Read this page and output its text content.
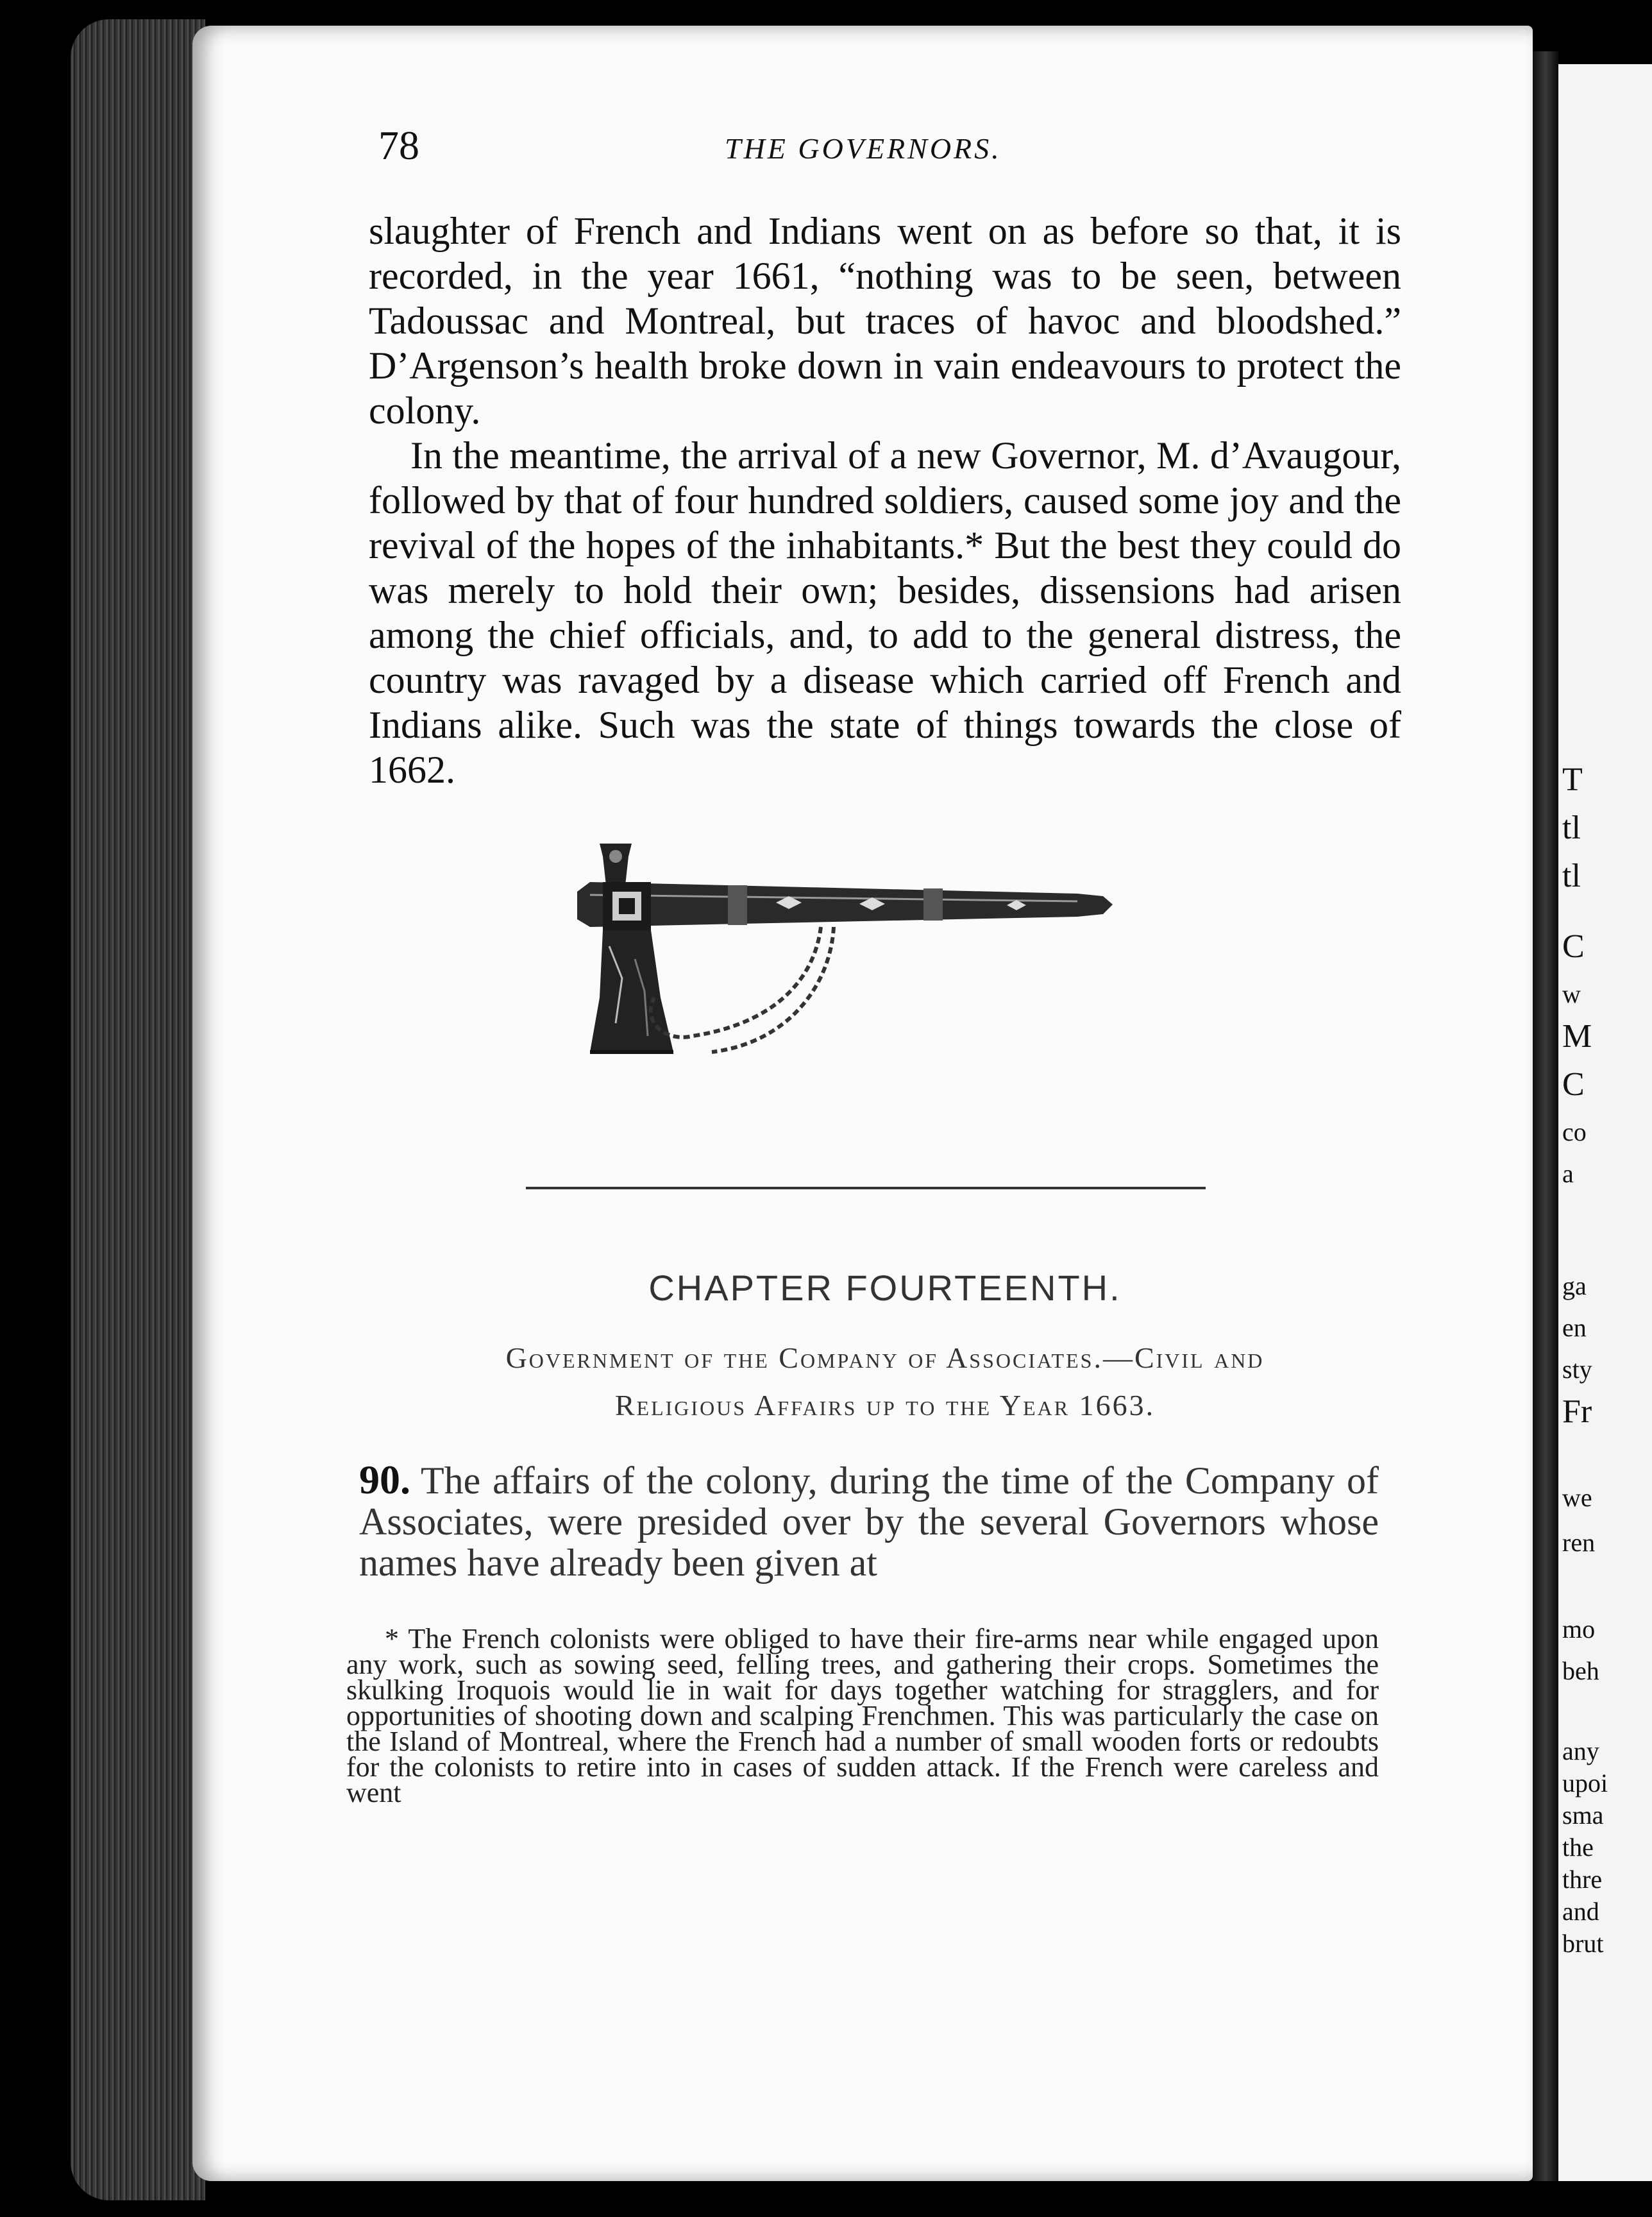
T
tl
tl
C
w
M
C
co
a
ga
en
sty
Fr
we
ren
mo
beh
any
upoi
sma
the
thre
and
brut
78	THE GOVERNORS.

slaughter of French and Indians went on as before so that, it is recorded, in the year 1661, “nothing was to be seen, between Tadoussac and Montreal, but traces of havoc and bloodshed.” D’Argenson’s health broke down in vain endeavours to protect the colony.

In the meantime, the arrival of a new Governor, M. d’Avaugour, followed by that of four hundred soldiers, caused some joy and the revival of the hopes of the inhabitants.* But the best they could do was merely to hold their own; besides, dissensions had arisen among the chief officials, and, to add to the general distress, the country was ravaged by a disease which carried off French and Indians alike. Such was the state of things towards the close of 1662.

CHAPTER FOURTEENTH.
Government of the Company of Associates.—Civil and
Religious Affairs up to the Year 1663.
90. The affairs of the colony, during the time of the Company of Associates, were presided over by the several Governors whose names have already been given at

* The French colonists were obliged to have their fire-arms near while engaged upon any work, such as sowing seed, felling trees, and gathering their crops. Sometimes the skulking Iroquois would lie in wait for days together watching for stragglers, and for opportunities of shooting down and scalping Frenchmen. This was particularly the case on the Island of Montreal, where the French had a number of small wooden forts or redoubts for the colonists to retire into in cases of sudden attack. If the French were careless and went
